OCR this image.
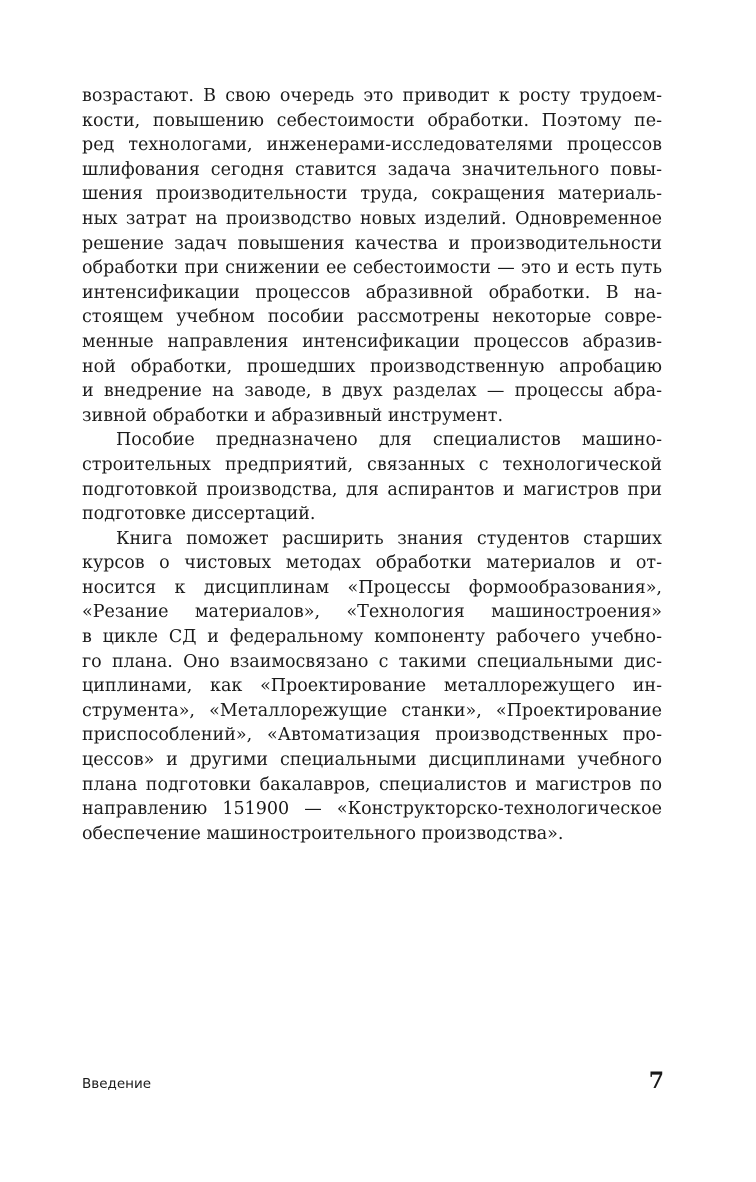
возрастают. В свою очередь это приводит к росту трудоем-
кости, повышению себестоимости обработки. Поэтому пе-
ред технологами, инженерами-исследователями процессов
шлифования сегодня ставится задача значительного повы-
шения производительности труда, сокращения материаль-
ных затрат на производство новых изделий. Одновременное
решение задач повышения качества и производительности
обработки при снижении ее себестоимости — это и есть путь
интенсификации процессов абразивной обработки. В на-
стоящем учебном пособии рассмотрены некоторые совре-
менные направления интенсификации процессов абразив-
ной обработки, прошедших производственную апробацию
и внедрение на заводе, в двух разделах — процессы абра-
зивной обработки и абразивный инструмент.

Пособие предназначено для специалистов машино-
строительных предприятий, связанных с технологической
подготовкой производства, для аспирантов и магистров при
подготовке диссертаций.

Книга поможет расширить знания студентов старших
курсов о чистовых методах обработки материалов и от-
носится к дисциплинам «Процессы формообразования»,
«Резание материалов», «Технология машиностроения»
в цикле СД и федеральному компоненту рабочего учебно-
го плана. Оно взаимосвязано с такими специальными дис-
циплинами, как «Проектирование металлорежущего ин-
струмента», «Металлорежущие станки», «Проектирование
приспособлений», «Автоматизация производственных про-
цессов» и другими специальными дисциплинами учебного
плана подготовки бакалавров, специалистов и магистров по
направлению 151900 — «Конструкторско-технологическое
обеспечение машиностроительного производства».

Введение	7
